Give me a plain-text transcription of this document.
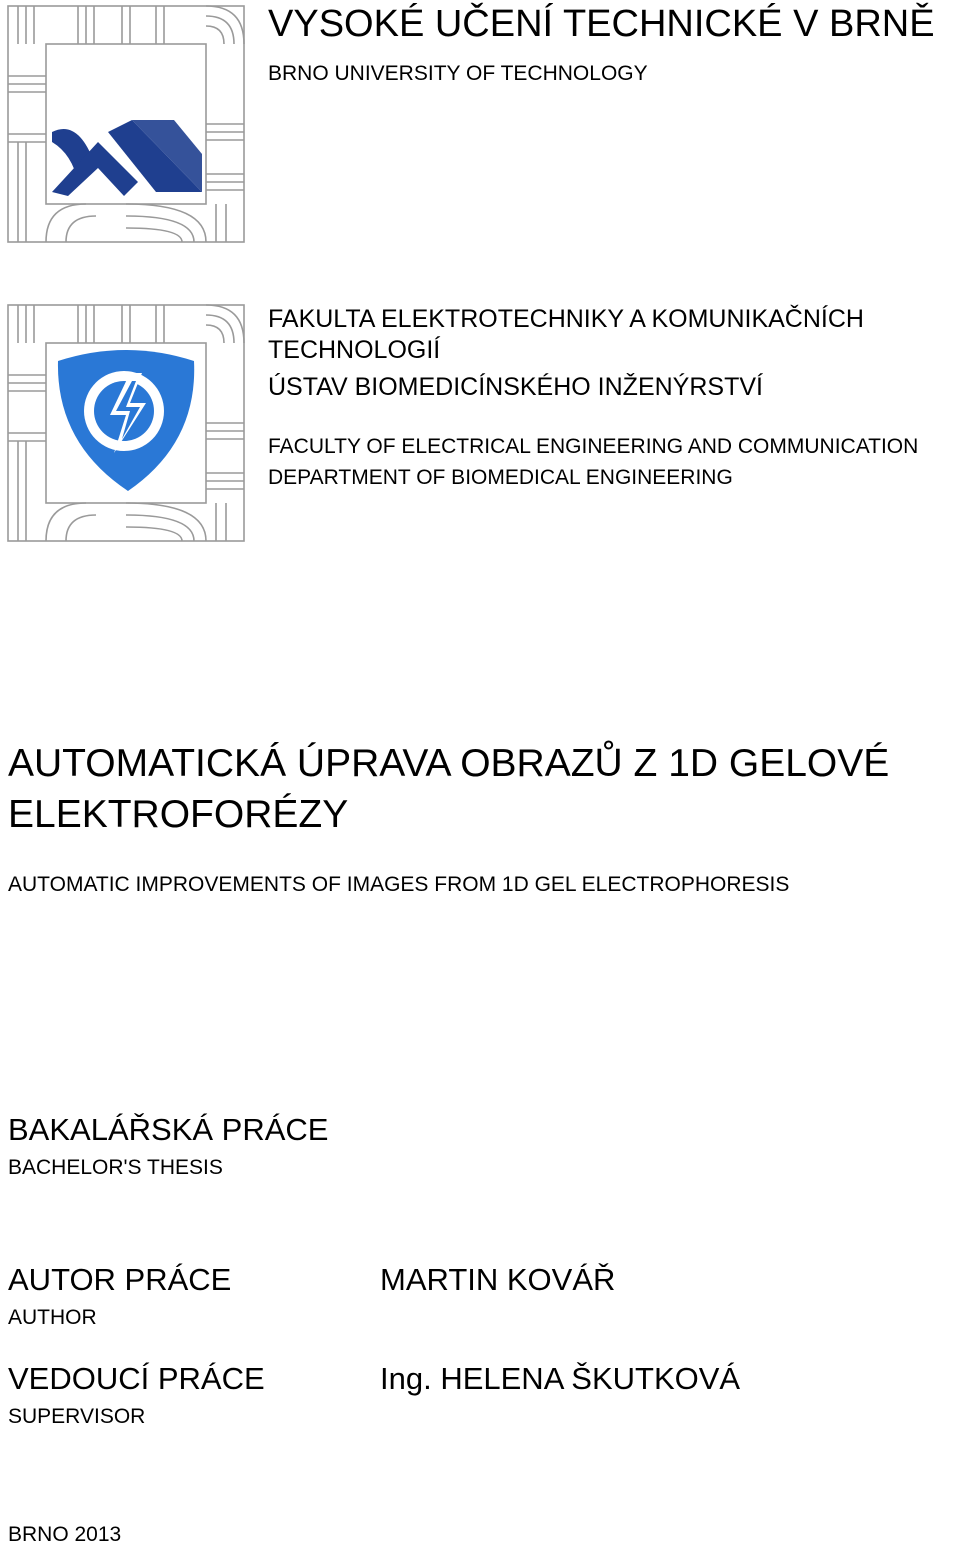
VYSOKÉ UČENÍ TECHNICKÉ V BRNĚ
BRNO UNIVERSITY OF TECHNOLOGY
FAKULTA ELEKTROTECHNIKY A KOMUNIKAČNÍCH TECHNOLOGIÍ
ÚSTAV BIOMEDICÍNSKÉHO INŽENÝRSTVÍ
FACULTY OF ELECTRICAL ENGINEERING AND COMMUNICATION
DEPARTMENT OF BIOMEDICAL ENGINEERING
AUTOMATICKÁ ÚPRAVA OBRAZŮ Z 1D GELOVÉ ELEKTROFORÉZY
AUTOMATIC IMPROVEMENTS OF IMAGES FROM 1D GEL ELECTROPHORESIS
BAKALÁŘSKÁ PRÁCE
BACHELOR'S THESIS
AUTOR PRÁCE
AUTHOR
MARTIN KOVÁŘ
VEDOUCÍ PRÁCE
SUPERVISOR
Ing. HELENA ŠKUTKOVÁ
BRNO 2013
